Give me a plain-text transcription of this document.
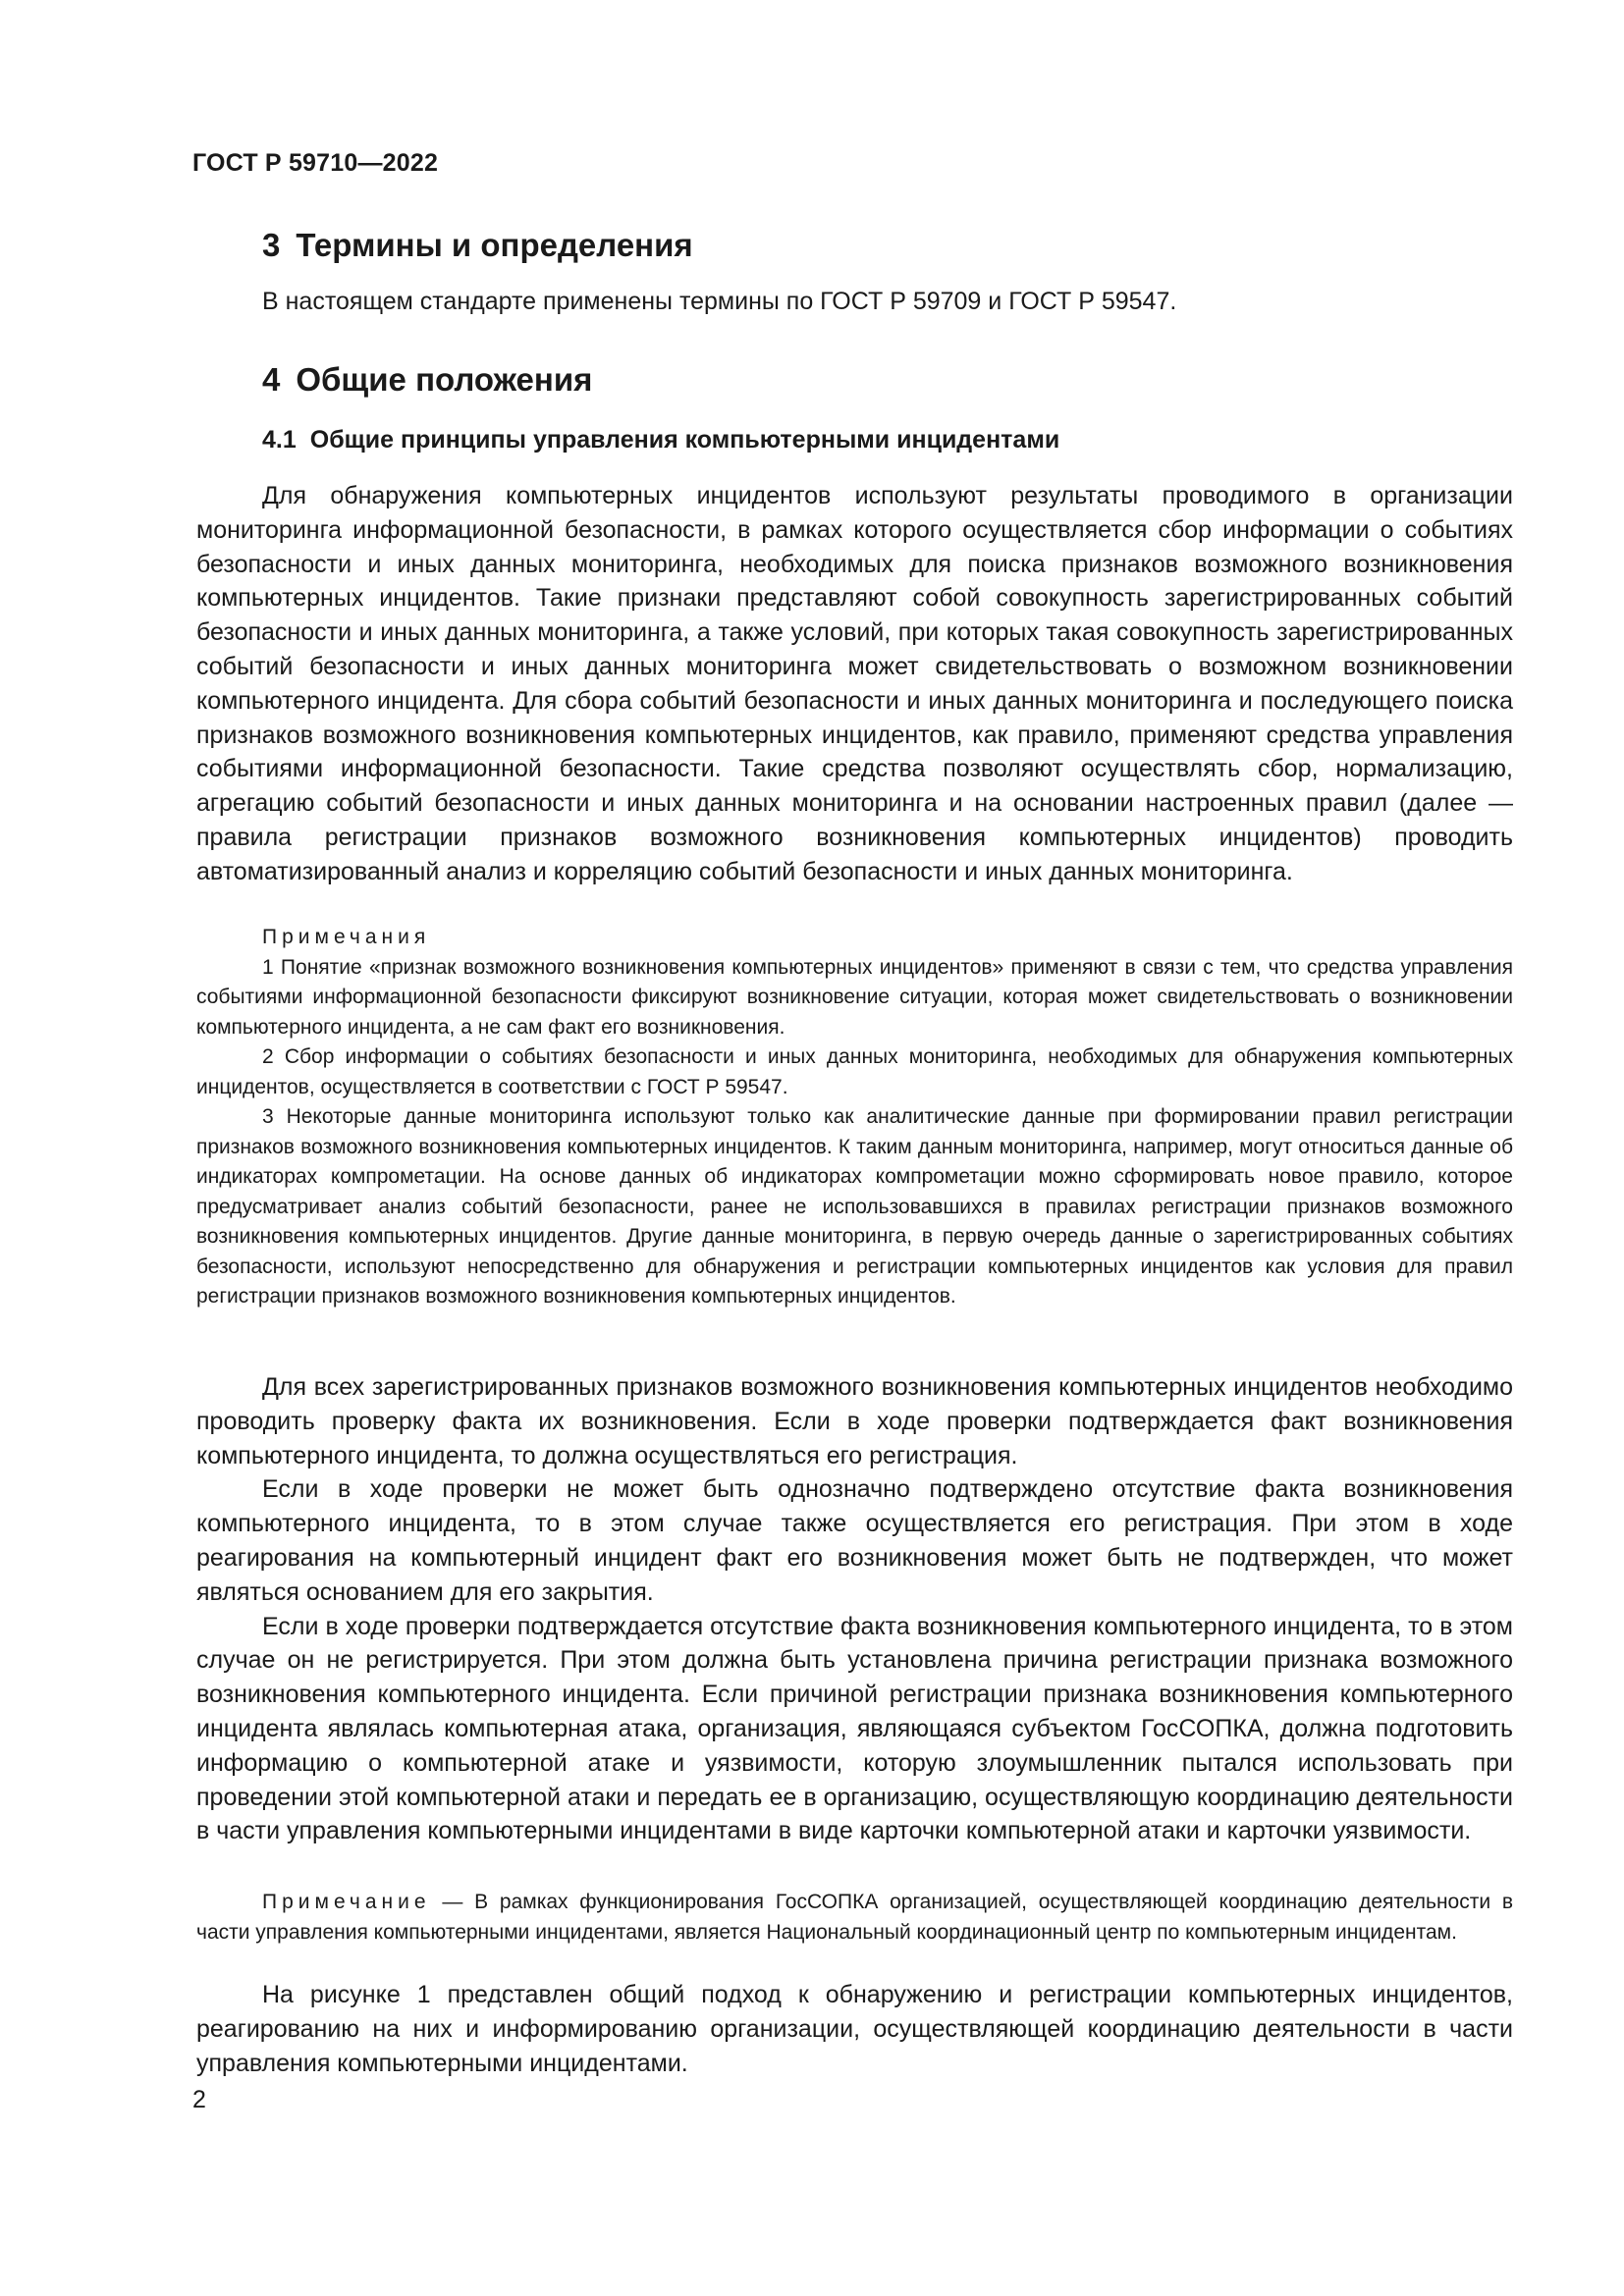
ГОСТ Р 59710—2022
3 Термины и определения
В настоящем стандарте применены термины по ГОСТ Р 59709 и ГОСТ Р 59547.
4 Общие положения
4.1 Общие принципы управления компьютерными инцидентами

Для обнаружения компьютерных инцидентов используют результаты проводимого в организации мониторинга информационной безопасности, в рамках которого осуществляется сбор информации о событиях безопасности и иных данных мониторинга, необходимых для поиска признаков возможного возникновения компьютерных инцидентов. Такие признаки представляют собой совокупность зарегистрированных событий безопасности и иных данных мониторинга, а также условий, при которых такая совокупность зарегистрированных событий безопасности и иных данных мониторинга может свидетельствовать о возможном возникновении компьютерного инцидента. Для сбора событий безопасности и иных данных мониторинга и последующего поиска признаков возможного возникновения компьютерных инцидентов, как правило, применяют средства управления событиями информационной безопасности. Такие средства позволяют осуществлять сбор, нормализацию, агрегацию событий безопасности и иных данных мониторинга и на основании настроенных правил (далее — правила регистрации признаков возможного возникновения компьютерных инцидентов) проводить автоматизированный анализ и корреляцию событий безопасности и иных данных мониторинга.

Примечания

1 Понятие «признак возможного возникновения компьютерных инцидентов» применяют в связи с тем, что средства управления событиями информационной безопасности фиксируют возникновение ситуации, которая может свидетельствовать о возникновении компьютерного инцидента, а не сам факт его возникновения.

2 Сбор информации о событиях безопасности и иных данных мониторинга, необходимых для обнаружения компьютерных инцидентов, осуществляется в соответствии с ГОСТ Р 59547.

3 Некоторые данные мониторинга используют только как аналитические данные при формировании правил регистрации признаков возможного возникновения компьютерных инцидентов. К таким данным мониторинга, например, могут относиться данные об индикаторах компрометации. На основе данных об индикаторах компрометации можно сформировать новое правило, которое предусматривает анализ событий безопасности, ранее не использовавшихся в правилах регистрации признаков возможного возникновения компьютерных инцидентов. Другие данные мониторинга, в первую очередь данные о зарегистрированных событиях безопасности, используют непосредственно для обнаружения и регистрации компьютерных инцидентов как условия для правил регистрации признаков возможного возникновения компьютерных инцидентов.

Для всех зарегистрированных признаков возможного возникновения компьютерных инцидентов необходимо проводить проверку факта их возникновения. Если в ходе проверки подтверждается факт возникновения компьютерного инцидента, то должна осуществляться его регистрация.

Если в ходе проверки не может быть однозначно подтверждено отсутствие факта возникновения компьютерного инцидента, то в этом случае также осуществляется его регистрация. При этом в ходе реагирования на компьютерный инцидент факт его возникновения может быть не подтвержден, что может являться основанием для его закрытия.

Если в ходе проверки подтверждается отсутствие факта возникновения компьютерного инцидента, то в этом случае он не регистрируется. При этом должна быть установлена причина регистрации признака возможного возникновения компьютерного инцидента. Если причиной регистрации признака возникновения компьютерного инцидента являлась компьютерная атака, организация, являющаяся субъектом ГосСОПКА, должна подготовить информацию о компьютерной атаке и уязвимости, которую злоумышленник пытался использовать при проведении этой компьютерной атаки и передать ее в организацию, осуществляющую координацию деятельности в части управления компьютерными инцидентами в виде карточки компьютерной атаки и карточки уязвимости.

Примечание — В рамках функционирования ГосСОПКА организацией, осуществляющей координацию деятельности в части управления компьютерными инцидентами, является Национальный координационный центр по компьютерным инцидентам.

На рисунке 1 представлен общий подход к обнаружению и регистрации компьютерных инцидентов, реагированию на них и информированию организации, осуществляющей координацию деятельности в части управления компьютерными инцидентами.

2
